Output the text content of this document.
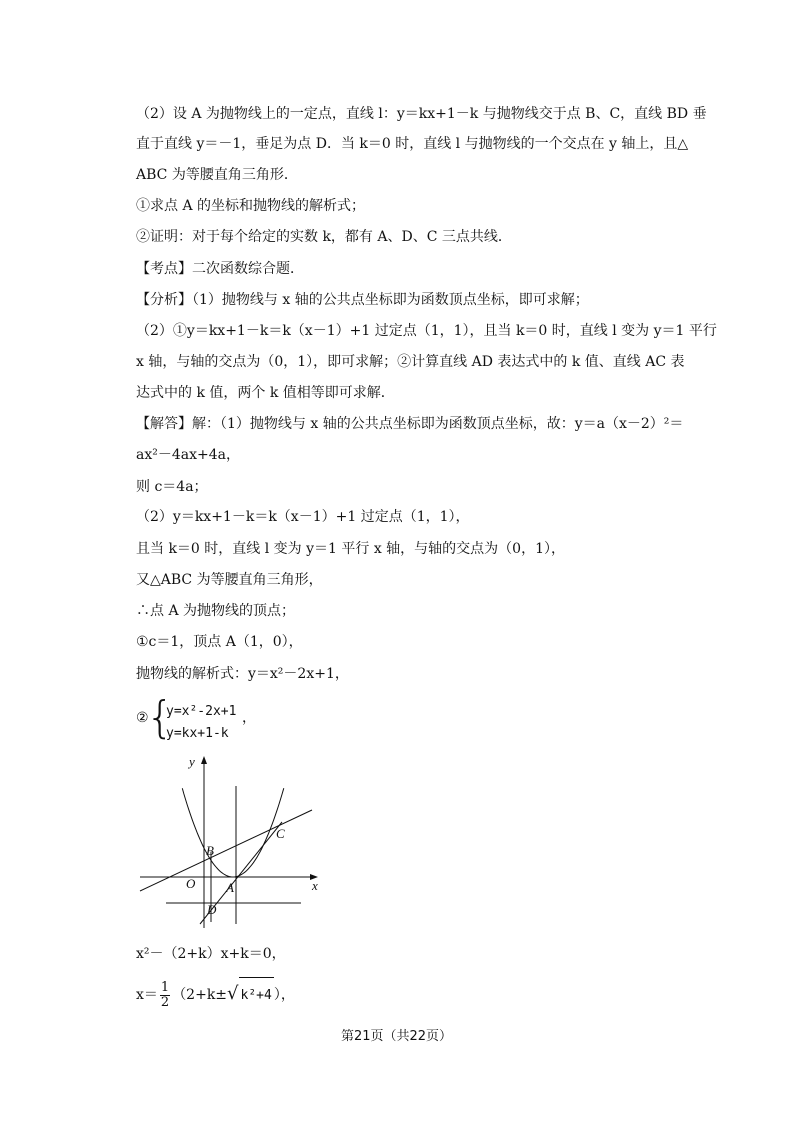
（2）设 A 为抛物线上的一定点，直线 l：y＝kx+1－k 与抛物线交于点 B、C，直线 BD 垂
直于直线 y＝－1，垂足为点 D．当 k＝0 时，直线 l 与抛物线的一个交点在 y 轴上，且△
ABC 为等腰直角三角形．
①求点 A 的坐标和抛物线的解析式；
②证明：对于每个给定的实数 k，都有 A、D、C 三点共线．
【考点】二次函数综合题．
【分析】（1）抛物线与 x 轴的公共点坐标即为函数顶点坐标，即可求解；
（2）①y＝kx+1－k＝k（x－1）+1 过定点（1，1），且当 k＝0 时，直线 l 变为 y＝1 平行
x 轴，与轴的交点为（0，1），即可求解；②计算直线 AD 表达式中的 k 值、直线 AC 表
达式中的 k 值，两个 k 值相等即可求解．
【解答】解：（1）抛物线与 x 轴的公共点坐标即为函数顶点坐标，故：y＝a（x－2）²＝
ax²－4ax+4a，
则 c＝4a；
（2）y＝kx+1－k＝k（x－1）+1 过定点（1，1），
且当 k＝0 时，直线 l 变为 y＝1 平行 x 轴，与轴的交点为（0，1），
又△ABC 为等腰直角三角形，
∴点 A 为抛物线的顶点；
①c＝1，顶点 A（1，0），
抛物线的解析式：y＝x²－2x+1，
②
{
y=x²-2x+1
y=kx+1-k
，
y
x
O A
B
C
D
x²－（2+k）x+k＝0，
$x= \frac{1}{2} (2+k\pm√$ k²+4 ），
第21页（共22页）
